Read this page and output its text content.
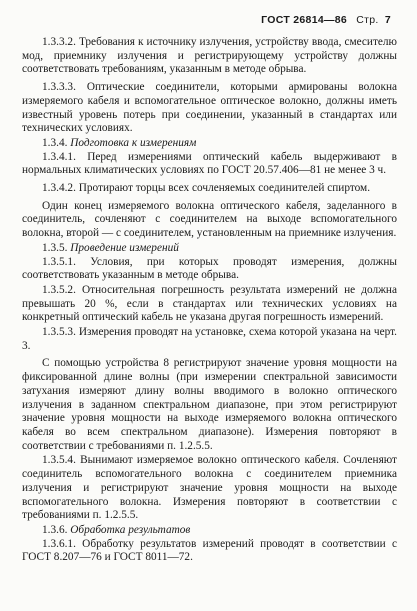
ГОСТ 26814—86 Стр. 7

1.3.3.2. Требования к источнику излучения, устройству ввода, смесителю мод, приемнику излучения и регистрирующему устройству должны соответствовать требованиям, указанным в методе обрыва.

1.3.3.3. Оптические соединители, которыми армированы волокна измеряемого кабеля и вспомогательное оптическое волокно, должны иметь известный уровень потерь при соединении, указанный в стандартах или технических условиях.

1.3.4. Подготовка к измерениям

1.3.4.1. Перед измерениями оптический кабель выдерживают в нормальных климатических условиях по ГОСТ 20.57.406—81 не менее 3 ч.

1.3.4.2. Протирают торцы всех сочленяемых соединителей спиртом.

Один конец измеряемого волокна оптического кабеля, заделанного в соединитель, сочленяют с соединителем на выходе вспомогательного волокна, второй — с соединителем, установленным на приемнике излучения.

1.3.5. Проведение измерений

1.3.5.1. Условия, при которых проводят измерения, должны соответствовать указанным в методе обрыва.

1.3.5.2. Относительная погрешность результата измерений не должна превышать 20 %, если в стандартах или технических условиях на конкретный оптический кабель не указана другая погрешность измерений.

1.3.5.3. Измерения проводят на установке, схема которой указана на черт. 3.

С помощью устройства 8 регистрируют значение уровня мощности на фиксированной длине волны (при измерении спектральной зависимости затухания измеряют длину волны вводимого в волокно оптического излучения в заданном спектральном диапазоне, при этом регистрируют значение уровня мощности на выходе измеряемого волокна оптического кабеля во всем спектральном диапазоне). Измерения повторяют в соответствии с требованиями п. 1.2.5.5.

1.3.5.4. Вынимают измеряемое волокно оптического кабеля. Сочленяют соединитель вспомогательного волокна с соединителем приемника излучения и регистрируют значение уровня мощности на выходе вспомогательного волокна. Измерения повторяют в соответствии с требованиями п. 1.2.5.5.

1.3.6. Обработка результатов

1.3.6.1. Обработку результатов измерений проводят в соответствии с ГОСТ 8.207—76 и ГОСТ 8011—72.
